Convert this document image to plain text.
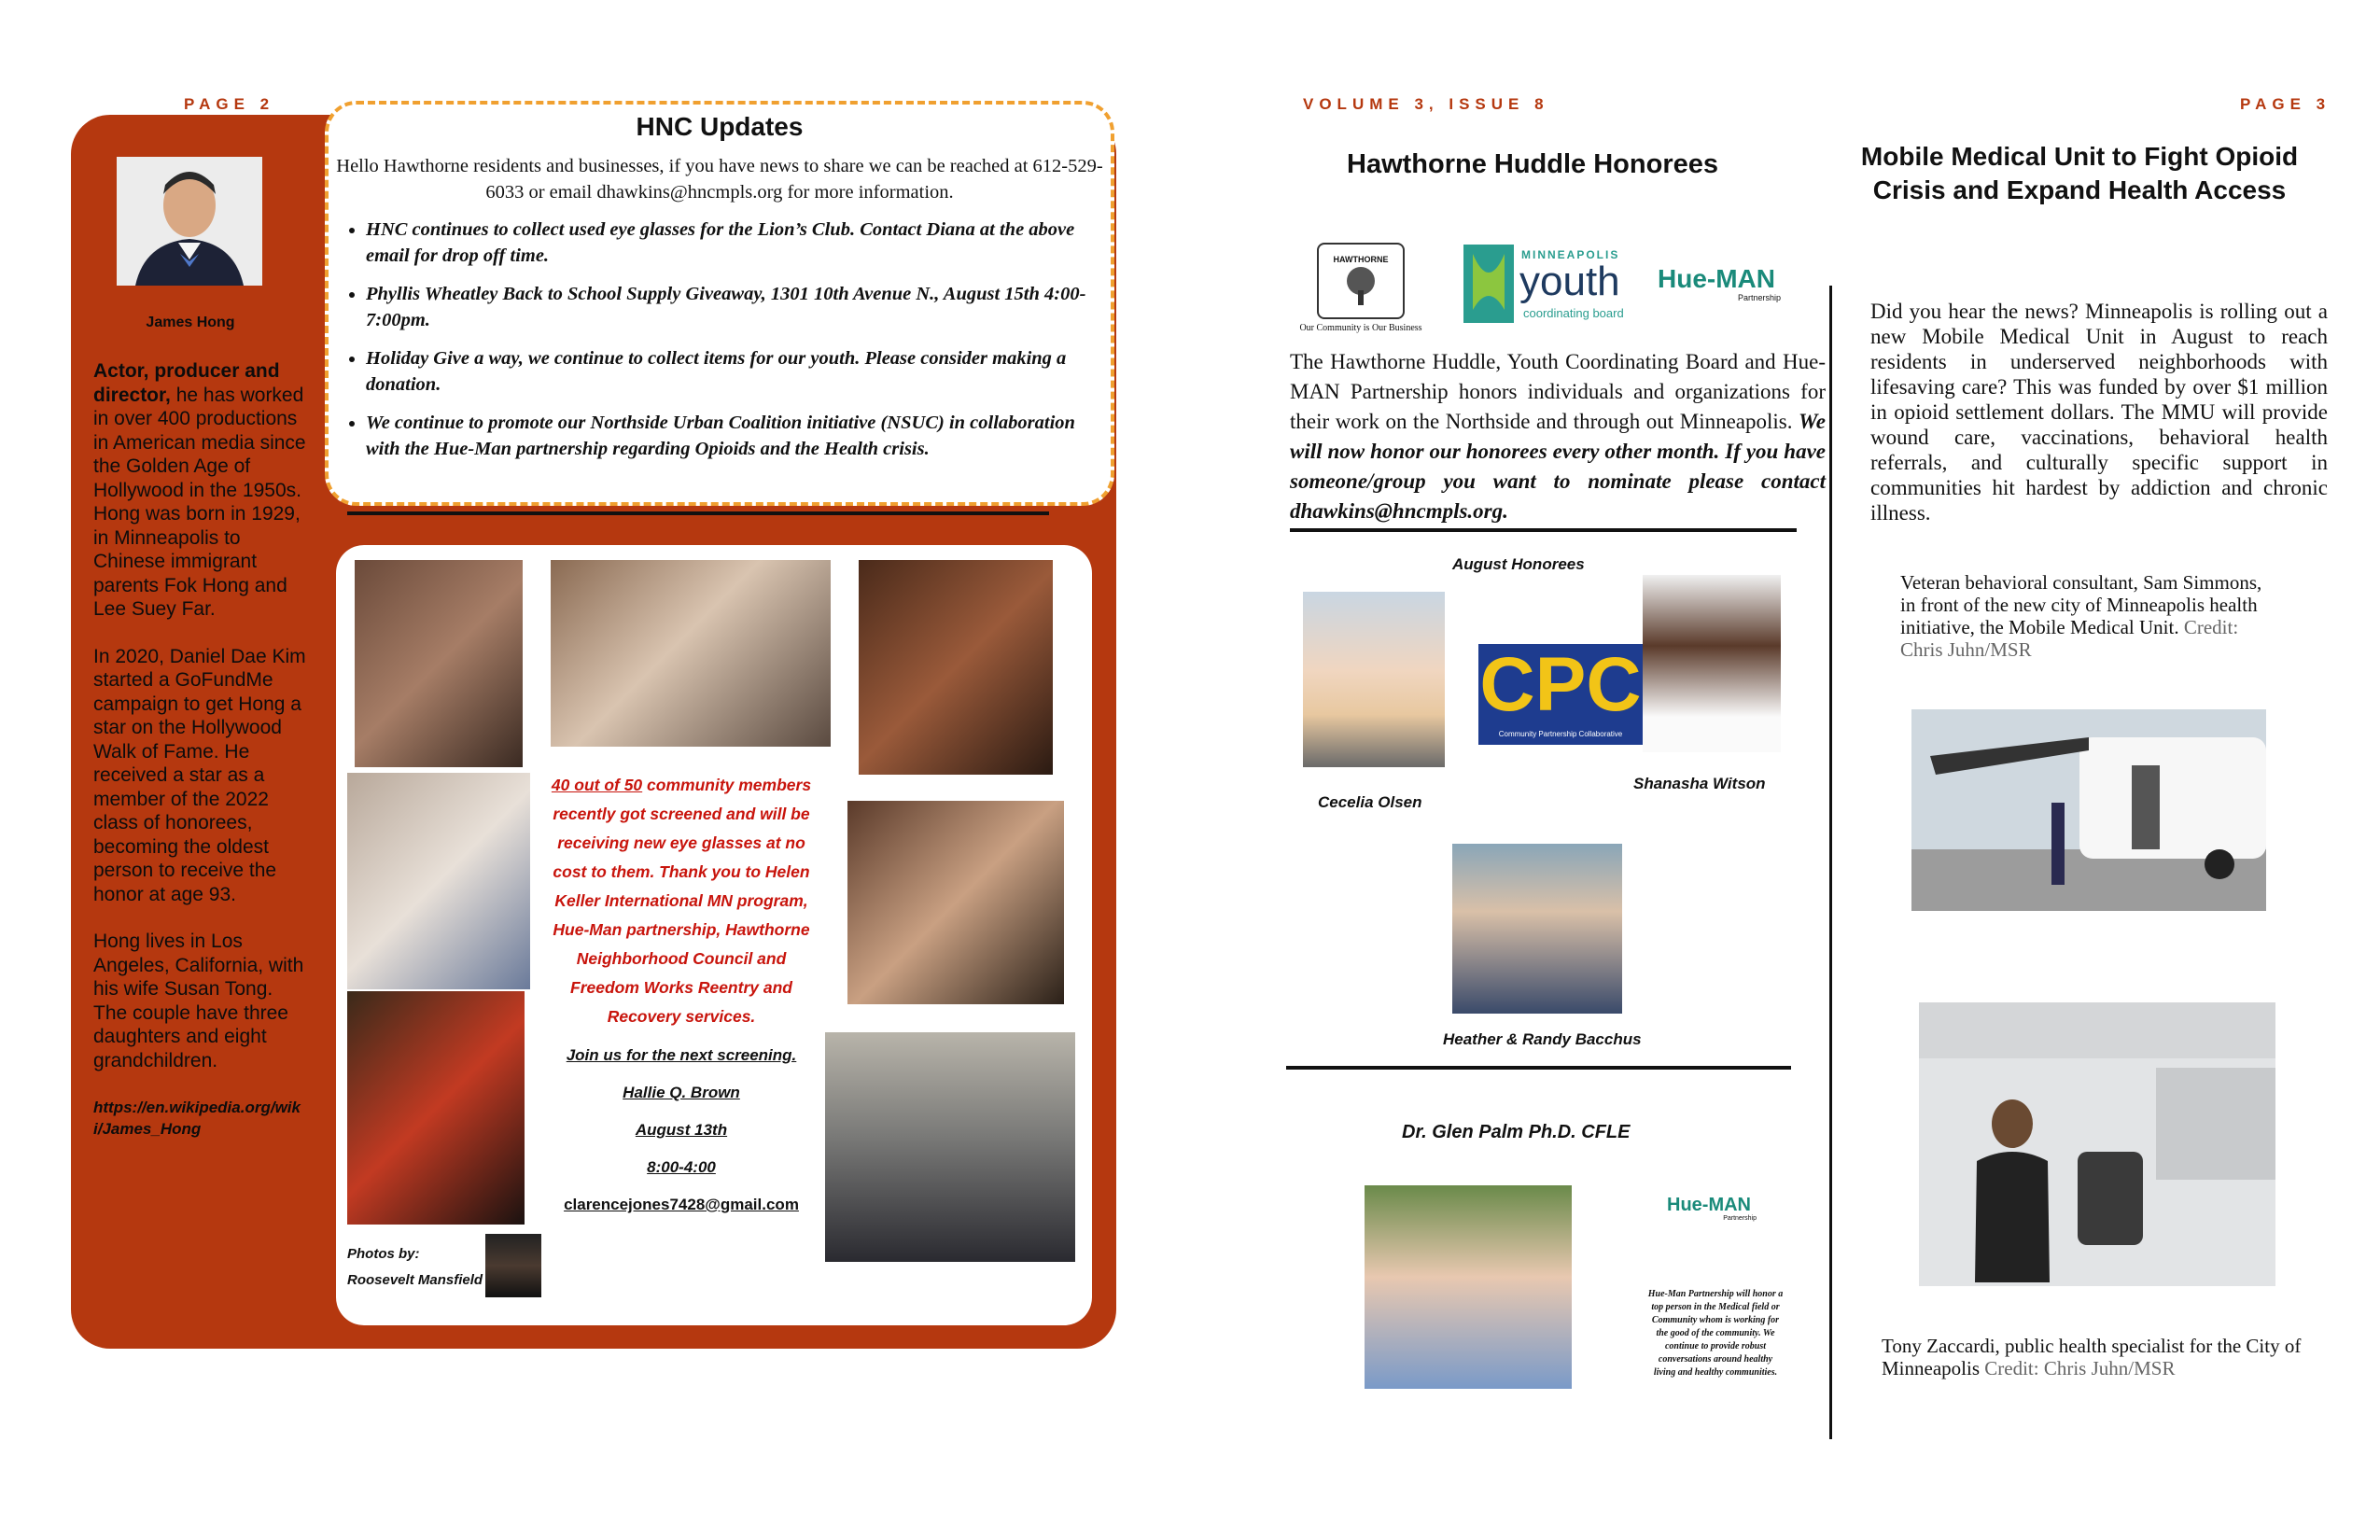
PAGE 2
James Hong
Actor, producer and director, he has worked in over 400 productions in American media since the Golden Age of Hollywood in the 1950s. Hong was born in 1929, in Minneapolis to Chinese immigrant parents Fok Hong and Lee Suey Far.
In 2020, Daniel Dae Kim started a GoFundMe campaign to get Hong a star on the Hollywood Walk of Fame. He received a star as a member of the 2022 class of honorees, becoming the oldest person to receive the honor at age 93.
Hong lives in Los Angeles, California, with his wife Susan Tong. The couple have three daughters and eight grandchildren.
https://en.wikipedia.org/wiki/James_Hong
HNC Updates
Hello Hawthorne residents and businesses, if you have news to share we can be reached at 612-529-6033 or email dhawkins@hncmpls.org for more information.
• HNC continues to collect used eye glasses for the Lion’s Club. Contact Diana at the above email for drop off time.
• Phyllis Wheatley Back to School Supply Giveaway, 1301 10th Avenue N., August 15th 4:00-7:00pm.
• Holiday Give a way, we continue to collect items for our youth. Please consider making a donation.
• We continue to promote our Northside Urban Coalition initiative (NSUC) in collaboration with the Hue-Man partnership regarding Opioids and the Health crisis.
40 out of 50 community members recently got screened and will be receiving new eye glasses at no cost to them. Thank you to Helen Keller International MN program, Hue-Man partnership, Hawthorne Neighborhood Council and Freedom Works Reentry and Recovery services.
Join us for the next screening.
Hallie Q. Brown
August 13th
8:00-4:00
clarencejones7428@gmail.com
Photos by: Roosevelt Mansfield
VOLUME 3, ISSUE 8	PAGE 3
Hawthorne Huddle Honorees
HAWTHORNE
Our Community is Our Business
MINNEAPOLIS
youth
coordinating board
Hue-MAN
Partnership
The Hawthorne Huddle, Youth Coordinating Board and Hue-MAN Partnership honors individuals and organizations for their work on the Northside and through out Minneapolis. We will now honor our honorees every other month. If you have someone/group you want to nominate please contact dhawkins@hncmpls.org.
August Honorees
Cecelia Olsen
CPC
Community Partnership Collaborative
Shanasha Witson
Heather & Randy Bacchus
Dr. Glen Palm Ph.D. CFLE
Hue-MAN
Partnership
Hue-Man Partnership will honor a top person in the Medical field or Community whom is working for the good of the community. We continue to provide robust conversations around healthy living and healthy communities.
Mobile Medical Unit to Fight Opioid Crisis and Expand Health Access
Did you hear the news? Minneapolis is rolling out a new Mobile Medical Unit in August to reach residents in underserved neighborhoods with lifesaving care? This was funded by over $1 million in opioid settlement dollars. The MMU will provide wound care, vaccinations, behavioral health referrals, and culturally specific support in communities hit hardest by addiction and chronic illness.
Veteran behavioral consultant, Sam Simmons, in front of the new city of Minneapolis health initiative, the Mobile Medical Unit. Credit: Chris Juhn/MSR
Tony Zaccardi, public health specialist for the City of Minneapolis Credit: Chris Juhn/MSR
